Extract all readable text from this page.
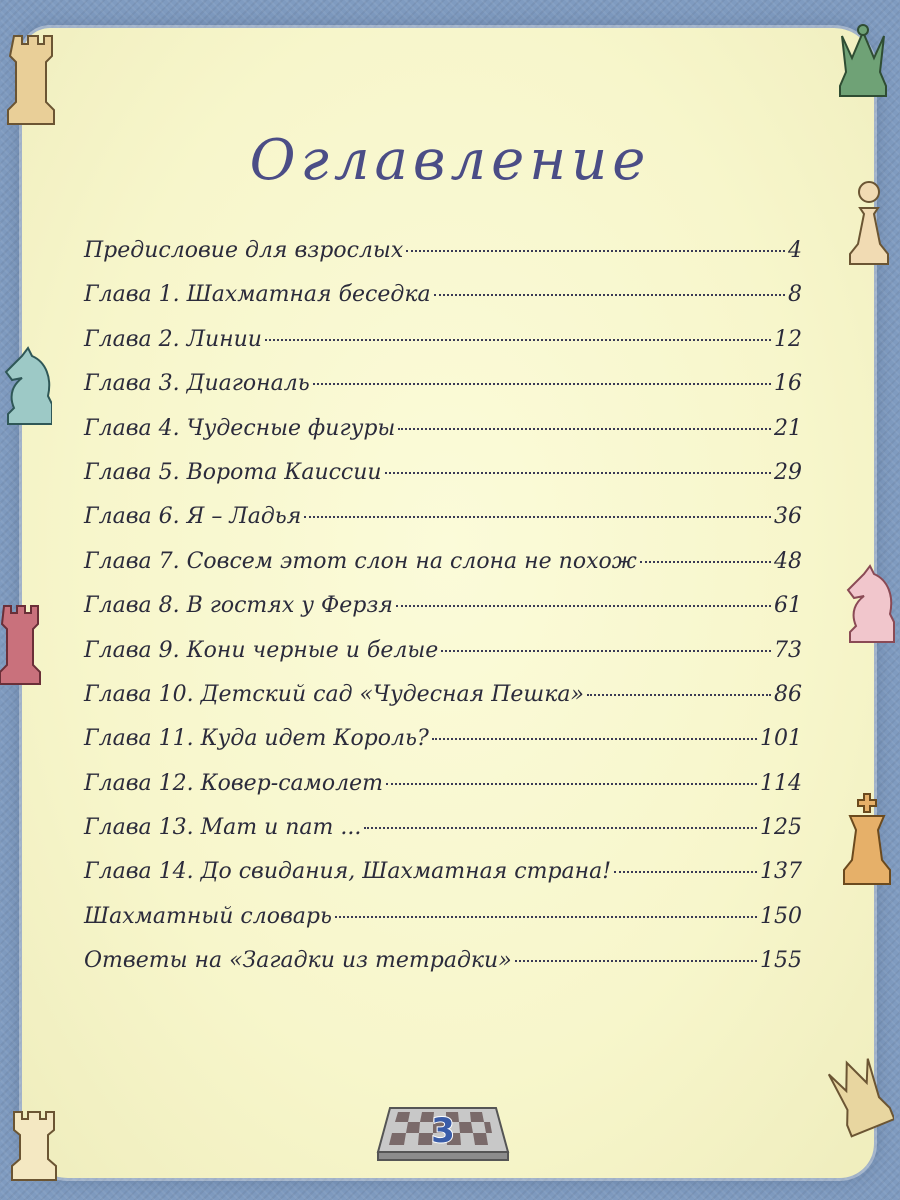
Оглавление
Предисловие для взрослых	4
Глава 1. Шахматная беседка	8
Глава 2. Линии	12
Глава 3. Диагональ	16
Глава 4. Чудесные фигуры	21
Глава 5. Ворота Каиссии	29
Глава 6. Я – Ладья	36
Глава 7. Совсем этот слон на слона не похож	48
Глава 8. В гостях у Ферзя	61
Глава 9. Кони черные и белые	73
Глава 10. Детский сад «Чудесная Пешка»	86
Глава 11. Куда идет Король?	101
Глава 12. Ковер-самолет	114
Глава 13. Мат и пат ...	125
Глава 14. До свидания, Шахматная страна!	137
Шахматный словарь	150
Ответы на «Загадки из тетрадки»	155
3
